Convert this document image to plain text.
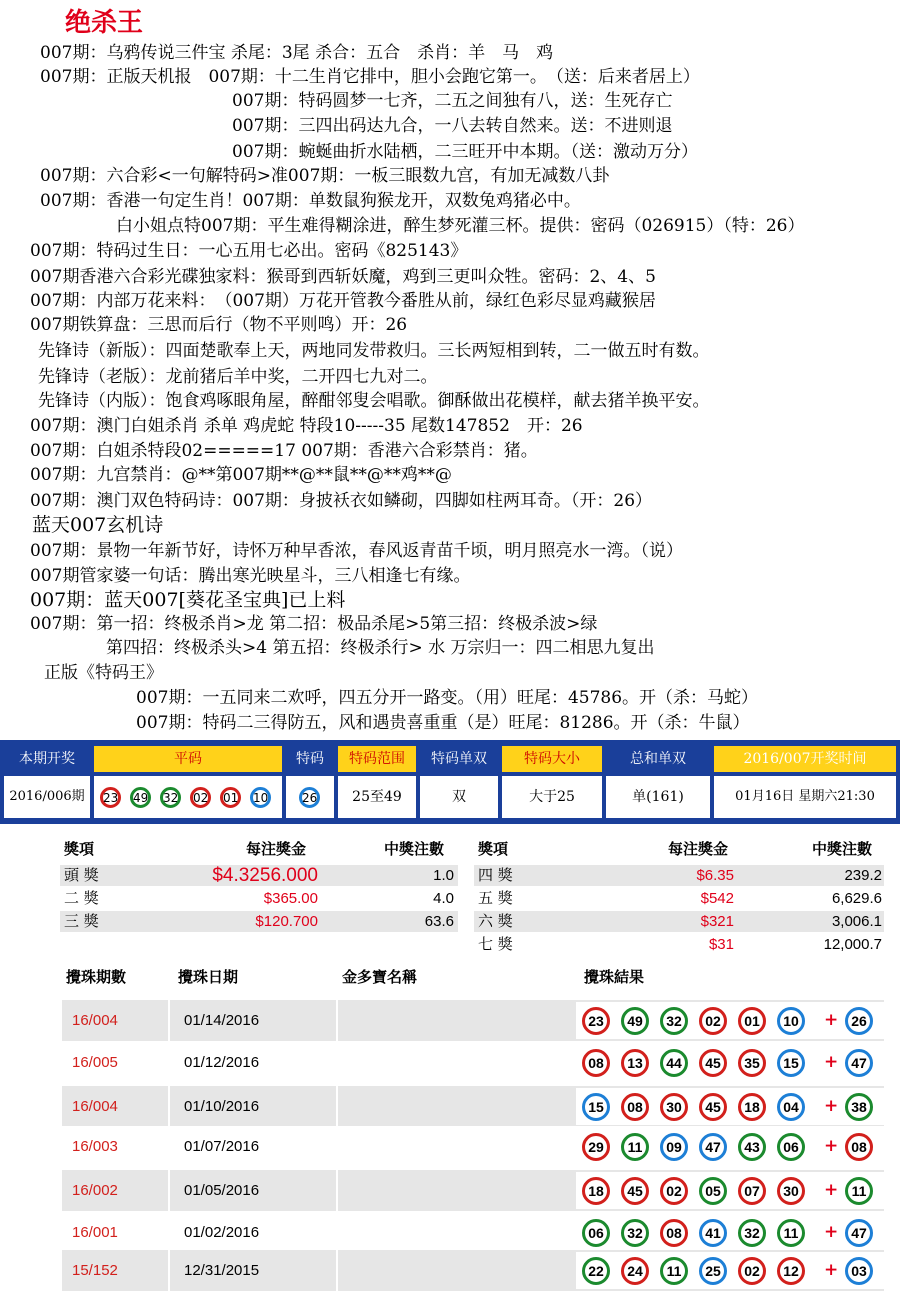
绝杀王
007期：乌鸦传说三件宝 杀尾：3尾 杀合：五合　杀肖：羊　马　鸡
007期：正版天机报　007期：十二生肖它排中，胆小会跑它第一。　（送：后来者居上）
007期：特码圆梦一七齐，二五之间独有八，送：生死存亡
007期：三四出码达九合，一八去转自然来。送：不进则退
007期：蜿蜒曲折水陆栖，二三旺开中本期。（送：激动万分）
007期：六合彩<一句解特码>准007期：一板三眼数九宫，有加无减数八卦
007期：香港一句定生肖！007期：单数鼠狗猴龙开，双数兔鸡猪必中。
白小姐点特007期：平生难得糊涂进，醉生梦死灌三杯。提供：密码（026915）（特：26）
007期：特码过生日：一心五用七必出。密码《825143》
007期香港六合彩光碟独家料：猴哥到西斩妖魔，鸡到三更叫众牲。密码：2、4、5
007期：内部万花来料：　（007期）万花开管教今番胜从前，绿红色彩尽显鸡藏猴居
007期铁算盘：三思而后行（物不平则鸣）开：26
先锋诗（新版）：四面楚歌奉上天，两地同发带救归。三长两短相到转，二一做五时有数。
先锋诗（老版）：龙前猪后羊中奖，二开四七九对二。
先锋诗（内版）：饱食鸡啄眼角屋，醉酣邻叟会唱歌。御酥做出花模样，献去猪羊换平安。
007期：澳门白姐杀肖 杀单 鸡虎蛇 特段10-----35 尾数147852　开：26
007期：白姐杀特段02=====17 007期：香港六合彩禁肖：猪。
007期：九宫禁肖：@**第007期**@**鼠**@**鸡**@
007期：澳门双色特码诗：007期：身披袄衣如鳞砌，四脚如柱两耳奇。（开：26）
蓝天007玄机诗
007期：景物一年新节好，诗怀万种早香浓，春风返青苗千顷，明月照亮水一湾。（说）
007期管家婆一句话：腾出寒光映星斗，三八相逢七有缘。
007期：蓝天007[葵花圣宝典]已上料
007期：第一招：终极杀肖>龙 第二招：极品杀尾>5第三招：终极杀波>绿
第四招：终极杀头>4 第五招：终极杀行> 水 万宗归一：四二相思九复出
正版《特码王》
007期：一五同来二欢呼，四五分开一路变。（用）旺尾：45786。开（杀：马蛇）
007期：特码二三得防五，风和遇贵喜重重（是）旺尾：81286。开（杀：牛鼠）
本期开奖	平码	特码	特码范围	特码单双	特码大小	总和单双	2016/007开奖时间
2016/006期	23 49 32 02 01 10	26	25至49	双	大于25	单(161)	01月16日 星期六21:30
獎項	每注獎金	中獎注數 獎項	每注獎金	中獎注數
頭 獎	$4.3256.000	1.0
二 獎	$365.00	4.0
三 獎	$120.700	63.6
四 獎	$6.35	239.2
五 獎	$542	6,629.6
六 獎	$321	3,006.1
七 獎	$31	12,000.7
攪珠期數	攪珠日期	金多寶名稱	攪珠結果
16/004	01/14/2016	23	49	32	02	01	10	+ 26
16/005	01/12/2016	08	13	44	45	35	15	+ 47
16/004	01/10/2016	15	08	30	45	18	04	+ 38
16/003	01/07/2016	29	11	09	47	43	06	+ 08
16/002	01/05/2016	18	45	02	05	07	30	+ 11
16/001	01/02/2016	06	32	08	41	32	11	+ 47
15/152	12/31/2015	22	24	11	25	02	12	+ 03
